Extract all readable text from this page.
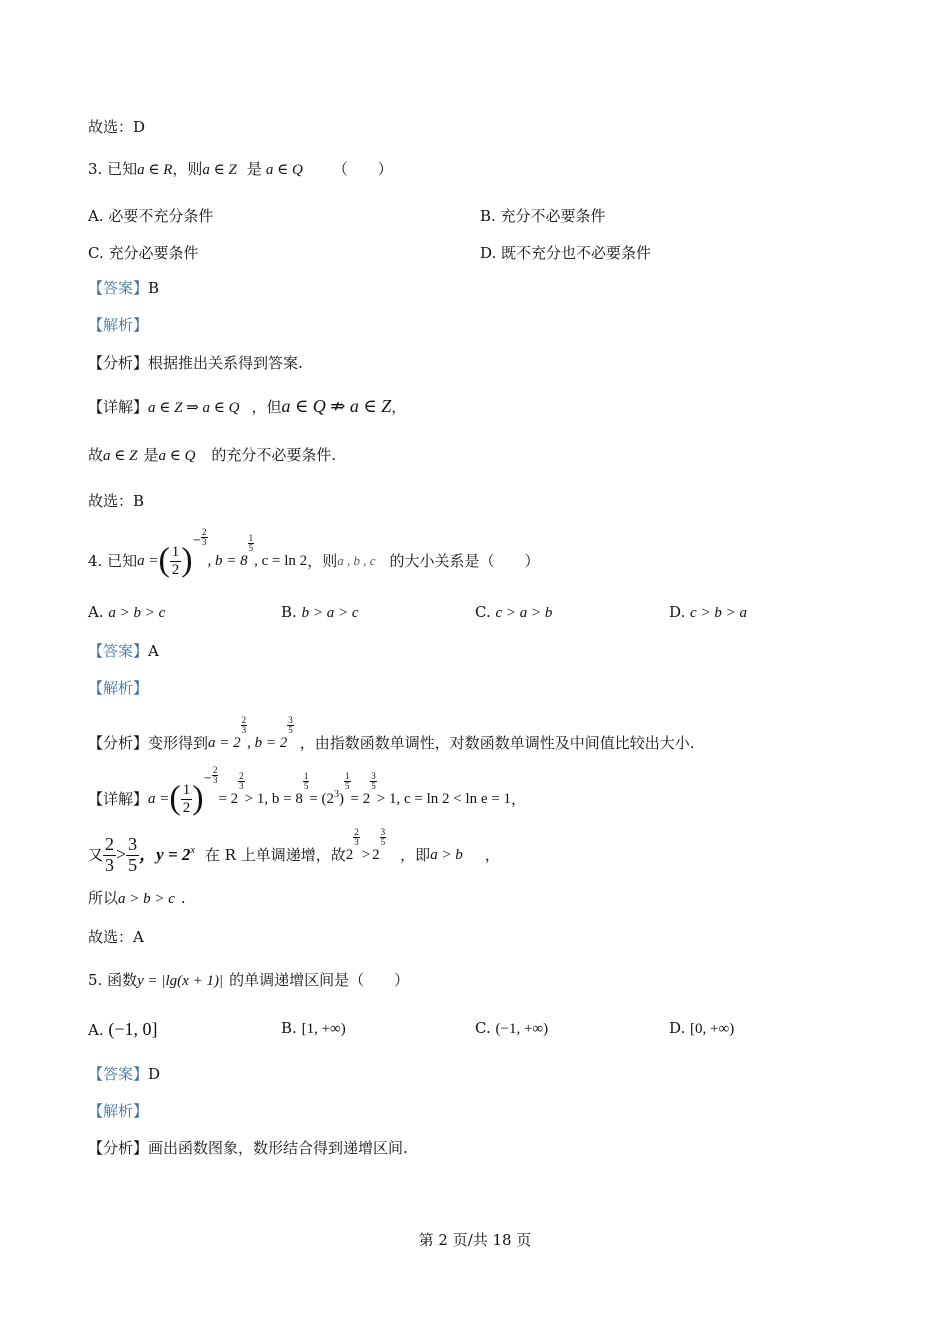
故选：D
3. 已知a ∈ R，则a ∈ Z 是 a ∈ Q （　　）
A. 必要不充分条件	B. 充分不必要条件
C. 充分必要条件	D. 既不充分也不必要条件
【答案】B
【解析】
【分析】根据推出关系得到答案.
【详解】a ∈ Z ⇒ a ∈ Q ，但a ∈ Q ⇏ a ∈ Z，
故a ∈ Z 是a ∈ Q 的充分不必要条件.
故选：B
4. 已知a =( $\frac{1}{2} )^- \frac{2}{3}$, b = 8
$\frac{1}{5}$, c = ln 2，则a , b , c 的大小关系是（　　）
A. a > b > c	B. b > a > c	C. c > a > b	D. c > b > a
【答案】A
【解析】
【分析】变形得到a = 2
$\frac{2}{3}$, b = 2
$\frac{3}{5}$，由指数函数单调性，对数函数单调性及中间值比较出大小.
【详解】a =( $\frac{1}{2} )^- \frac{2}{3}= 2$
$\frac{2}{3}> 1$, b = 8
$\frac{1}{5}= (2^3)$
$\frac{1}{5}= 2$
$\frac{3}{5}> 1$, c = ln 2 < ln e = 1，
又 $\frac{2}{3} > \frac{3}{5}$ ，$y = 2^x$ 在 R 上单调递增，故2
$\frac{2}{3}> 2$
$\frac{3}{5}$，即a > b ，
所以a > b > c .
故选：A
5. 函数y = |lg(x + 1)| 的单调递增区间是（　　）
A. (−1, 0]	B. [1, +∞)	C. (−1, +∞)	D. [0, +∞)
【答案】D
【解析】
【分析】画出函数图象，数形结合得到递增区间.
第 2 页/共 18 页
